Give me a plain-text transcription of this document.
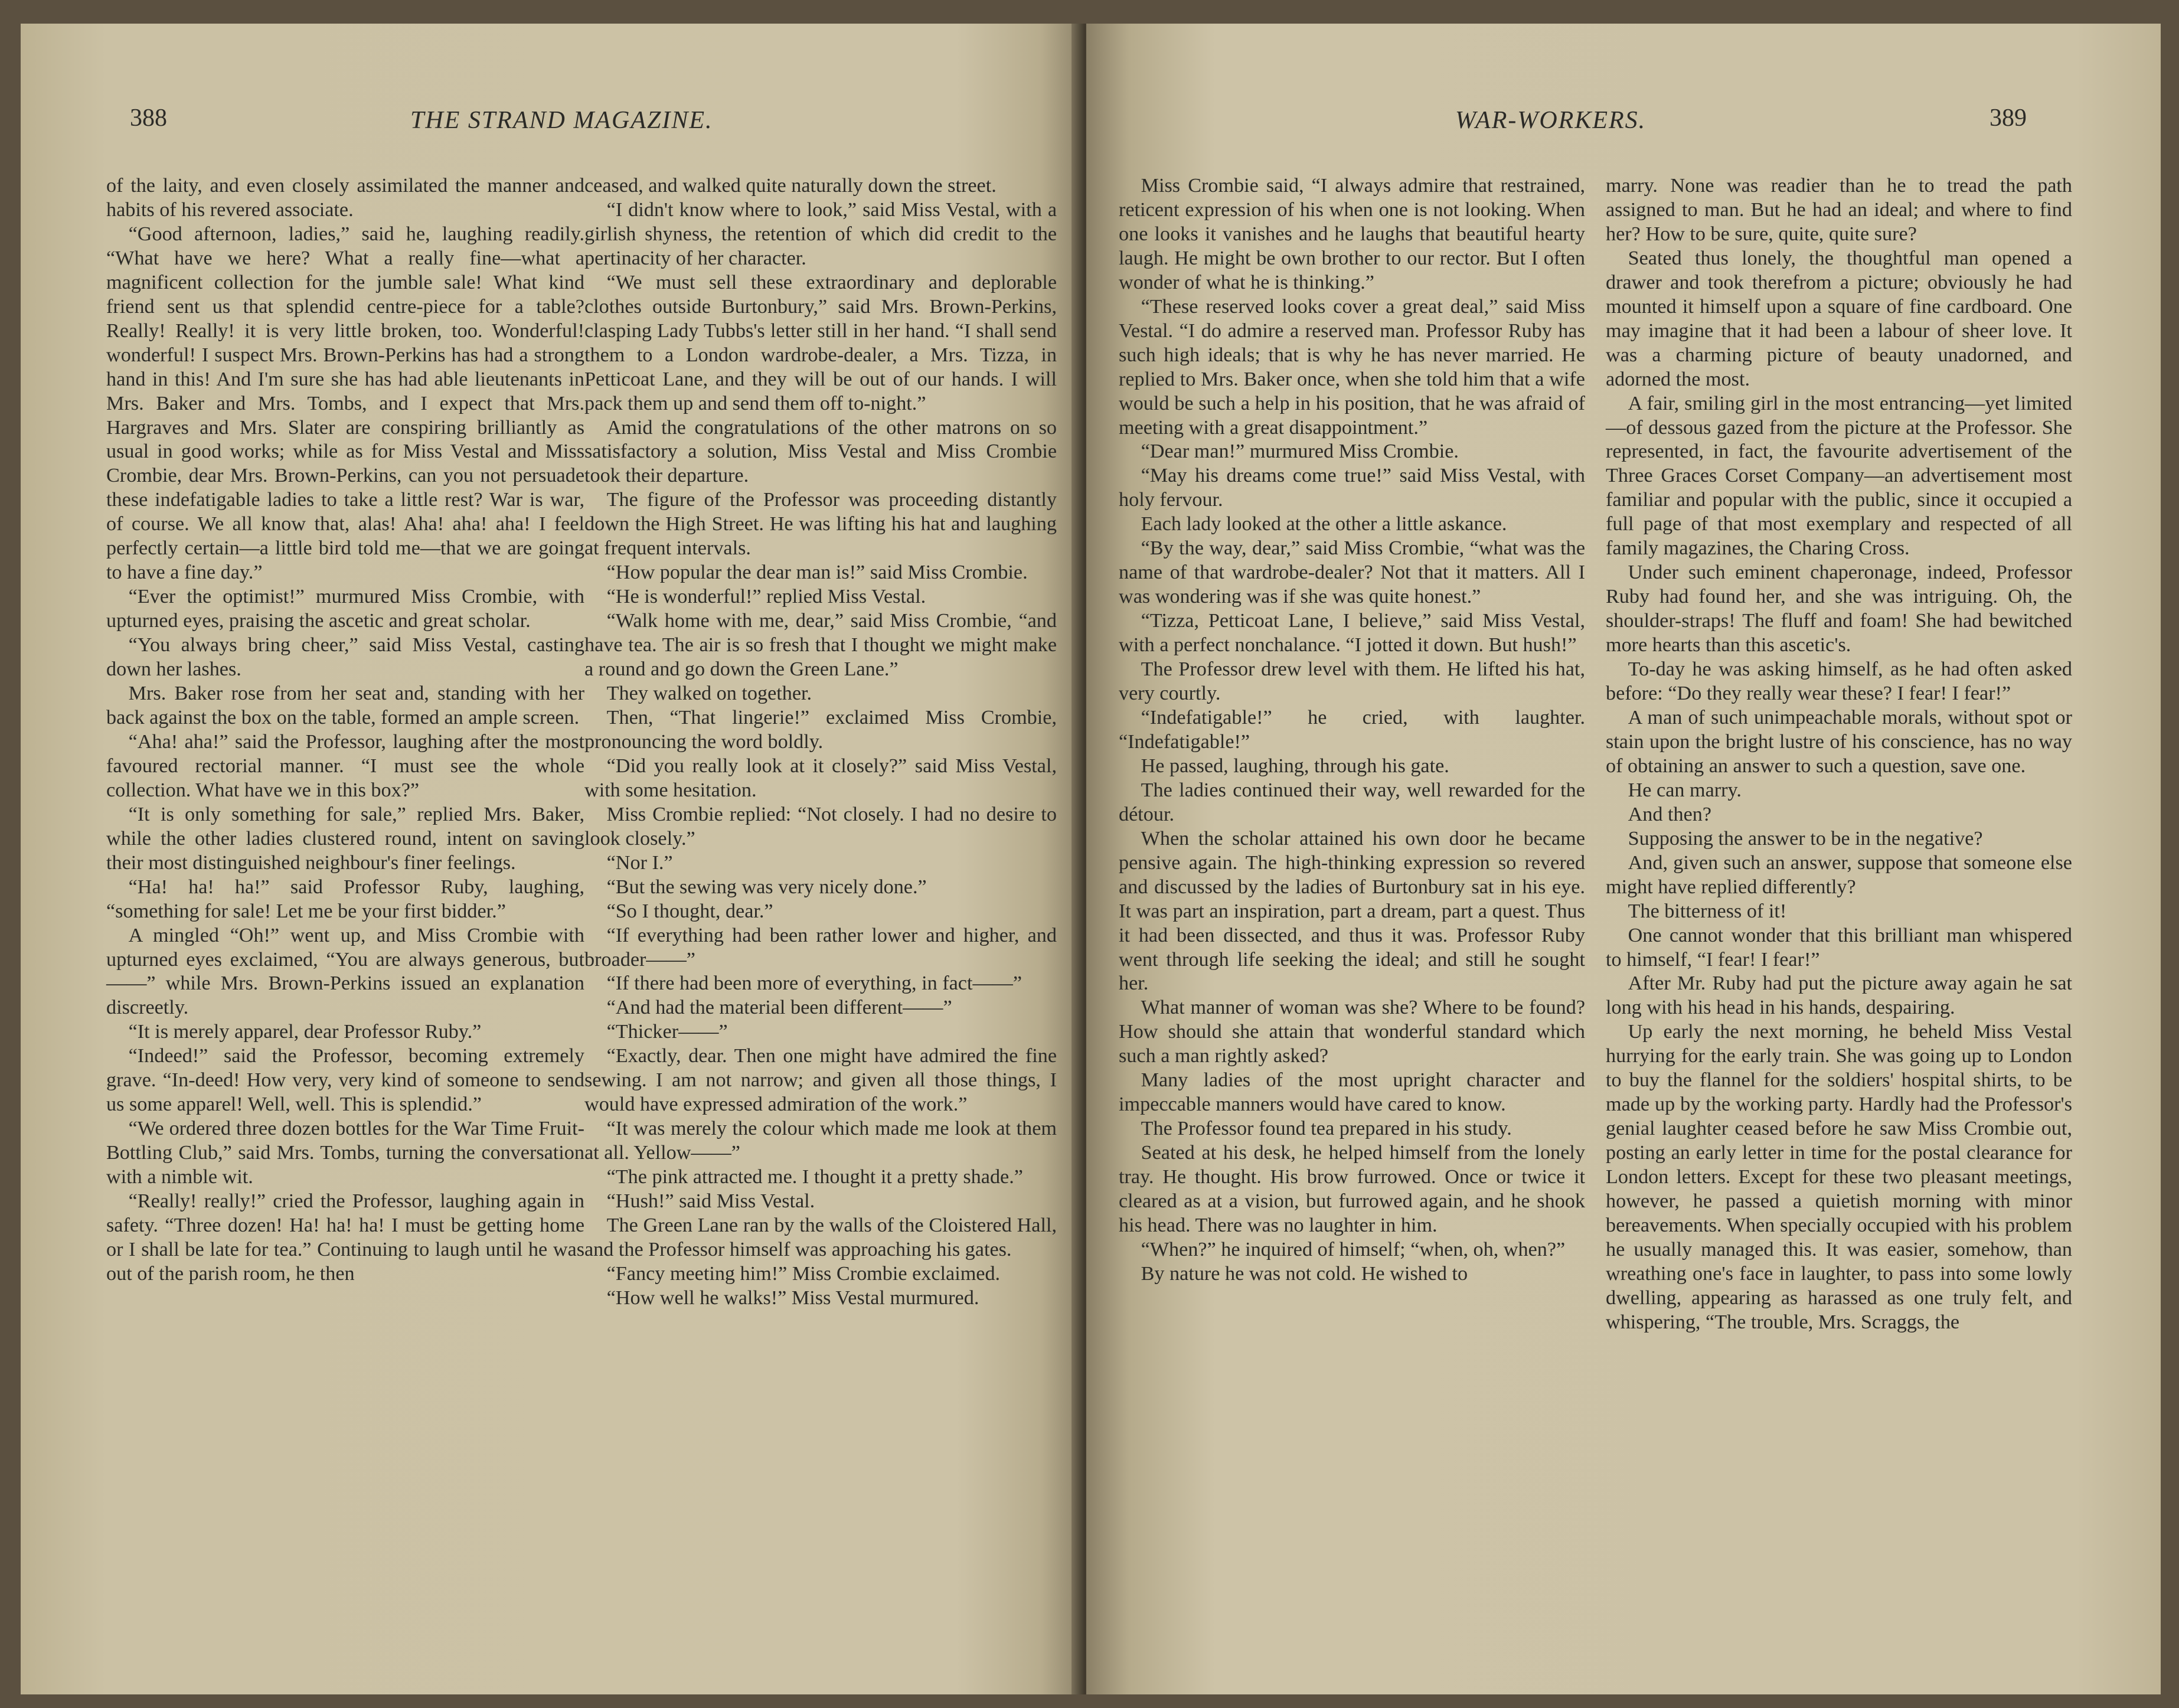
388	THE STRAND MAGAZINE.

of the laity, and even closely assimilated the manner and habits of his revered associate.

“Good afternoon, ladies,” said he, laughing readily. “What have we here? What a really fine—what a magnificent collection for the jumble sale! What kind friend sent us that splendid centre-piece for a table? Really! Really! it is very little broken, too. Wonderful! wonderful! I suspect Mrs. Brown-Perkins has had a strong hand in this! And I'm sure she has had able lieutenants in Mrs. Baker and Mrs. Tombs, and I expect that Mrs. Hargraves and Mrs. Slater are conspiring brilliantly as usual in good works; while as for Miss Vestal and Miss Crombie, dear Mrs. Brown-Perkins, can you not persuade these indefatigable ladies to take a little rest? War is war, of course. We all know that, alas! Aha! aha! aha! I feel perfectly certain—a little bird told me—that we are going to have a fine day.”

“Ever the optimist!” murmured Miss Crombie, with upturned eyes, praising the ascetic and great scholar.

“You always bring cheer,” said Miss Vestal, casting down her lashes.

Mrs. Baker rose from her seat and, standing with her back against the box on the table, formed an ample screen.

“Aha! aha!” said the Professor, laughing after the most favoured rectorial manner. “I must see the whole collection. What have we in this box?”

“It is only something for sale,” replied Mrs. Baker, while the other ladies clustered round, intent on saving their most distinguished neighbour's finer feelings.

“Ha! ha! ha!” said Professor Ruby, laughing, “something for sale! Let me be your first bidder.”

A mingled “Oh!” went up, and Miss Crombie with upturned eyes exclaimed, “You are always generous, but——” while Mrs. Brown-Perkins issued an explanation discreetly.

“It is merely apparel, dear Professor Ruby.”

“Indeed!” said the Professor, becoming extremely grave. “In-deed! How very, very kind of someone to send us some apparel! Well, well. This is splendid.”

“We ordered three dozen bottles for the War Time Fruit-Bottling Club,” said Mrs. Tombs, turning the conversation with a nimble wit.

“Really! really!” cried the Professor, laughing again in safety. “Three dozen! Ha! ha! ha! I must be getting home or I shall be late for tea.” Continuing to laugh until he was out of the parish room, he then

ceased, and walked quite naturally down the street.

“I didn't know where to look,” said Miss Vestal, with a girlish shyness, the retention of which did credit to the pertinacity of her character.

“We must sell these extraordinary and deplorable clothes outside Burtonbury,” said Mrs. Brown-Perkins, clasping Lady Tubbs's letter still in her hand. “I shall send them to a London wardrobe-dealer, a Mrs. Tizza, in Petticoat Lane, and they will be out of our hands. I will pack them up and send them off to-night.”

Amid the congratulations of the other matrons on so satisfactory a solution, Miss Vestal and Miss Crombie took their departure.

The figure of the Professor was proceeding distantly down the High Street. He was lifting his hat and laughing at frequent intervals.

“How popular the dear man is!” said Miss Crombie.

“He is wonderful!” replied Miss Vestal.

“Walk home with me, dear,” said Miss Crombie, “and have tea. The air is so fresh that I thought we might make a round and go down the Green Lane.”

They walked on together.

Then, “That lingerie!” exclaimed Miss Crombie, pronouncing the word boldly.

“Did you really look at it closely?” said Miss Vestal, with some hesitation.

Miss Crombie replied: “Not closely. I had no desire to look closely.”

“Nor I.”

“But the sewing was very nicely done.”

“So I thought, dear.”

“If everything had been rather lower and higher, and broader——”

“If there had been more of everything, in fact——”

“And had the material been different——”

“Thicker——”

“Exactly, dear. Then one might have admired the fine sewing. I am not narrow; and given all those things, I would have expressed admiration of the work.”

“It was merely the colour which made me look at them at all. Yellow——”

“The pink attracted me. I thought it a pretty shade.”

“Hush!” said Miss Vestal.

The Green Lane ran by the walls of the Cloistered Hall, and the Professor himself was approaching his gates.

“Fancy meeting him!” Miss Crombie exclaimed.

“How well he walks!” Miss Vestal murmured.

WAR-WORKERS.	389

Miss Crombie said, “I always admire that restrained, reticent expression of his when one is not looking. When one looks it vanishes and he laughs that beautiful hearty laugh. He might be own brother to our rector. But I often wonder of what he is thinking.”

“These reserved looks cover a great deal,” said Miss Vestal. “I do admire a reserved man. Professor Ruby has such high ideals; that is why he has never married. He replied to Mrs. Baker once, when she told him that a wife would be such a help in his position, that he was afraid of meeting with a great disappointment.”

“Dear man!” murmured Miss Crombie.

“May his dreams come true!” said Miss Vestal, with holy fervour.

Each lady looked at the other a little askance.

“By the way, dear,” said Miss Crombie, “what was the name of that wardrobe-dealer? Not that it matters. All I was wondering was if she was quite honest.”

“Tizza, Petticoat Lane, I believe,” said Miss Vestal, with a perfect nonchalance. “I jotted it down. But hush!”

The Professor drew level with them. He lifted his hat, very courtly.

“Indefatigable!” he cried, with laughter. “Indefatigable!”

He passed, laughing, through his gate.

The ladies continued their way, well rewarded for the détour.

When the scholar attained his own door he became pensive again. The high-thinking expression so revered and discussed by the ladies of Burtonbury sat in his eye. It was part an inspiration, part a dream, part a quest. Thus it had been dissected, and thus it was. Professor Ruby went through life seeking the ideal; and still he sought her.

What manner of woman was she? Where to be found? How should she attain that wonderful standard which such a man rightly asked?

Many ladies of the most upright character and impeccable manners would have cared to know.

The Professor found tea prepared in his study.

Seated at his desk, he helped himself from the lonely tray. He thought. His brow furrowed. Once or twice it cleared as at a vision, but furrowed again, and he shook his head. There was no laughter in him.

“When?” he inquired of himself; “when, oh, when?”

By nature he was not cold. He wished to

marry. None was readier than he to tread the path assigned to man. But he had an ideal; and where to find her? How to be sure, quite, quite sure?

Seated thus lonely, the thoughtful man opened a drawer and took therefrom a picture; obviously he had mounted it himself upon a square of fine cardboard. One may imagine that it had been a labour of sheer love. It was a charming picture of beauty unadorned, and adorned the most.

A fair, smiling girl in the most entrancing—yet limited—of dessous gazed from the picture at the Professor. She represented, in fact, the favourite advertisement of the Three Graces Corset Company—an advertisement most familiar and popular with the public, since it occupied a full page of that most exemplary and respected of all family magazines, the Charing Cross.

Under such eminent chaperonage, indeed, Professor Ruby had found her, and she was intriguing. Oh, the shoulder-straps! The fluff and foam! She had bewitched more hearts than this ascetic's.

To-day he was asking himself, as he had often asked before: “Do they really wear these? I fear! I fear!”

A man of such unimpeachable morals, without spot or stain upon the bright lustre of his conscience, has no way of obtaining an answer to such a question, save one.

He can marry.

And then?

Supposing the answer to be in the negative?

And, given such an answer, suppose that someone else might have replied differently?

The bitterness of it!

One cannot wonder that this brilliant man whispered to himself, “I fear! I fear!”

After Mr. Ruby had put the picture away again he sat long with his head in his hands, despairing.

Up early the next morning, he beheld Miss Vestal hurrying for the early train. She was going up to London to buy the flannel for the soldiers' hospital shirts, to be made up by the working party. Hardly had the Professor's genial laughter ceased before he saw Miss Crombie out, posting an early letter in time for the postal clearance for London letters. Except for these two pleasant meetings, however, he passed a quietish morning with minor bereavements. When specially occupied with his problem he usually managed this. It was easier, somehow, than wreathing one's face in laughter, to pass into some lowly dwelling, appearing as harassed as one truly felt, and whispering, “The trouble, Mrs. Scraggs, the
